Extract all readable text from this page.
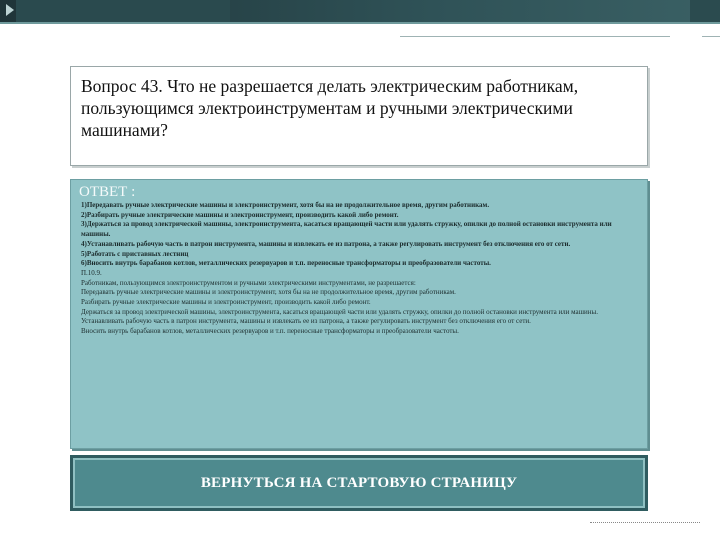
Вопрос 43. Что не разрешается делать электрическим работникам, пользующимся электроинструментам и ручными электрическими машинами?

ОТВЕТ :
1)Передавать ручные электрические машины и электроинструмент, хотя бы на не продолжительное время, другим работникам.
2)Разбирать ручные электрические машины и электроинструмент, производить какой либо ремонт.
3)Держаться за провод электрической машины, электроинструмента, касаться вращающей части или удалять стружку, опилки до полной остановки инструмента или машины.
4)Устанавливать рабочую часть в патрон инструмента, машины и извлекать ее из патрона, а также регулировать инструмент без отключения его от сети.
5)Работать с приставных лестниц
6)Вносить внутрь барабанов котлов, металлических резервуаров и т.п. переносные трансформаторы и преобразователи частоты.
П.10.9.
Работникам, пользующимся электроинструментом и ручными электрическими инструментами, не разрешается:
Передавать ручные электрические машины и электроинструмент, хотя бы на не продолжительное время, другим работникам.
Разбирать ручные электрические машины и электроинструмент, производить какой либо ремонт.
Держаться за провод электрической машины, электроинструмента, касаться вращающей части или удалять стружку, опилки до полной остановки инструмента или машины.
Устанавливать рабочую часть в патрон инструмента, машины и извлекать ее из патрона, а также регулировать инструмент без отключения его от сети.
Вносить внутрь барабанов котлов, металлических резервуаров и т.п. переносные трансформаторы и преобразователи частоты.
ВЕРНУТЬСЯ НА СТАРТОВУЮ СТРАНИЦУ
